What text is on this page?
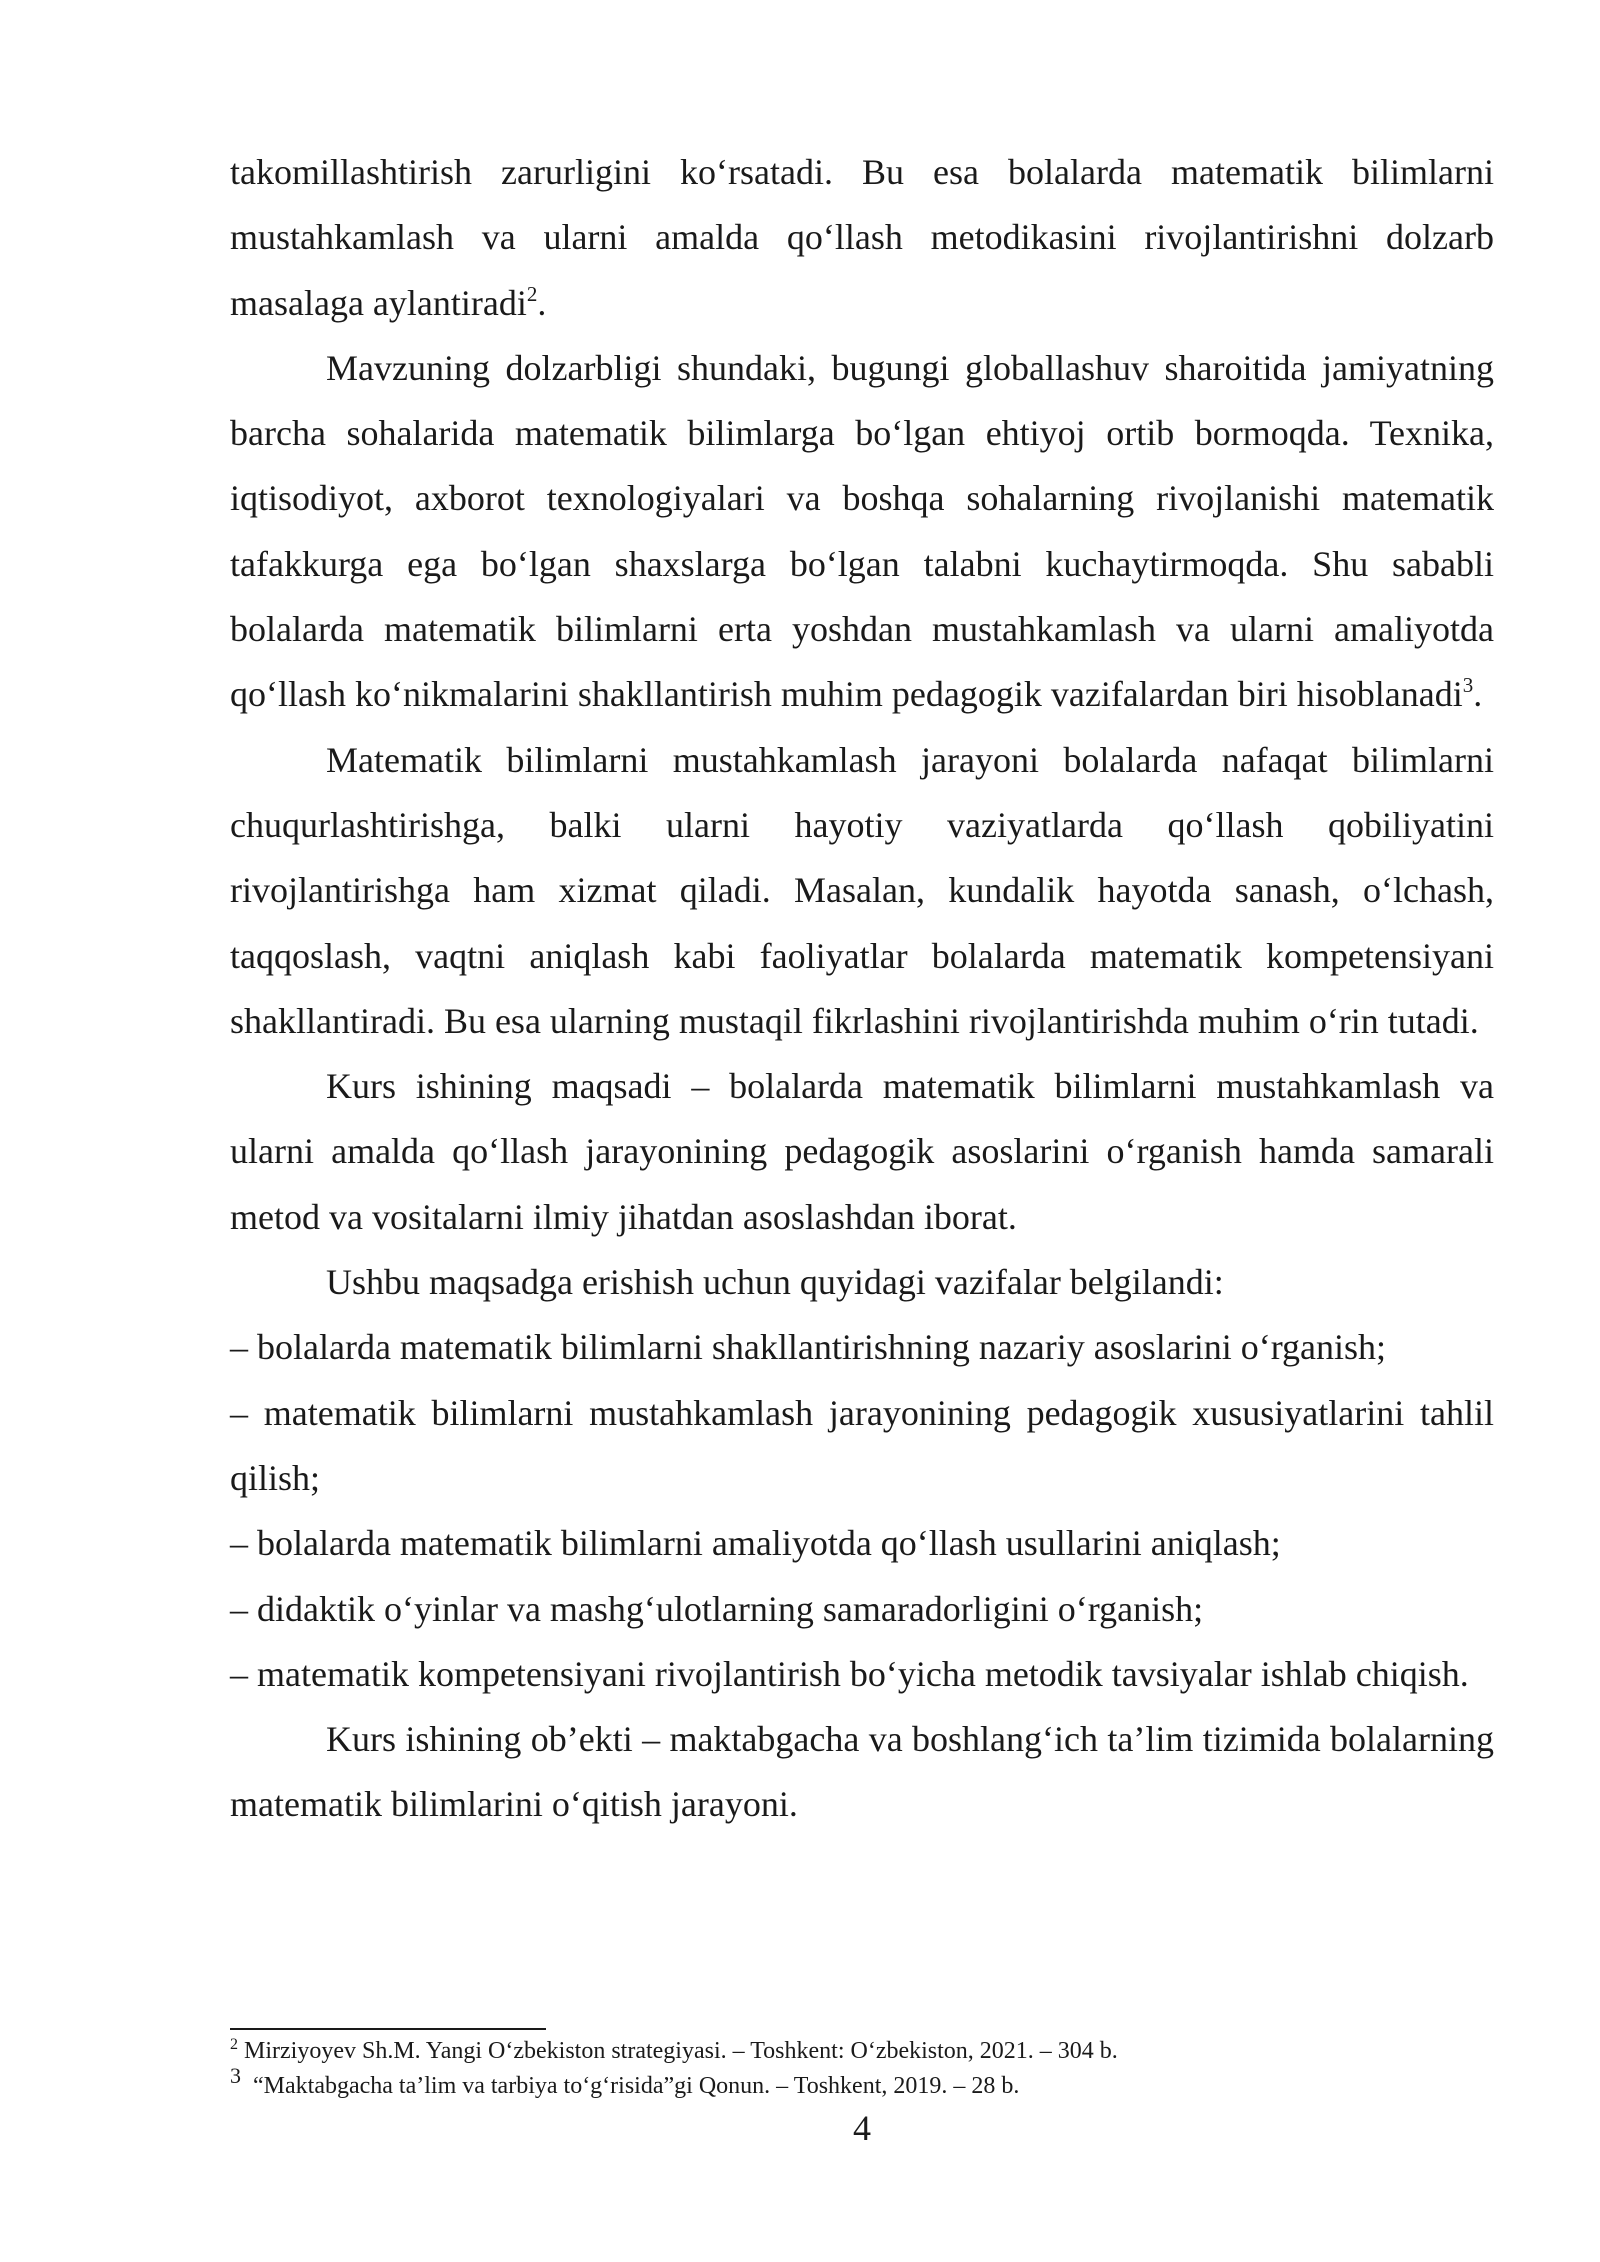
takomillashtirish zarurligini ko‘rsatadi. Bu esa bolalarda matematik bilimlarni mustahkamlash va ularni amalda qo‘llash metodikasini rivojlantirishni dolzarb masalaga aylantiradi$^2$.

Mavzuning dolzarbligi shundaki, bugungi globallashuv sharoitida jamiyatning barcha sohalarida matematik bilimlarga bo‘lgan ehtiyoj ortib bormoqda. Texnika, iqtisodiyot, axborot texnologiyalari va boshqa sohalarning rivojlanishi matematik tafakkurga ega bo‘lgan shaxslarga bo‘lgan talabni kuchaytirmoqda. Shu sababli bolalarda matematik bilimlarni erta yoshdan mustahkamlash va ularni amaliyotda qo‘llash ko‘nikmalarini shakllantirish muhim pedagogik vazifalardan biri hisoblanadi$^3$.

Matematik bilimlarni mustahkamlash jarayoni bolalarda nafaqat bilimlarni chuqurlashtirishga, balki ularni hayotiy vaziyatlarda qo‘llash qobiliyatini rivojlantirishga ham xizmat qiladi. Masalan, kundalik hayotda sanash, o‘lchash, taqqoslash, vaqtni aniqlash kabi faoliyatlar bolalarda matematik kompetensiyani shakllantiradi. Bu esa ularning mustaqil fikrlashini rivojlantirishda muhim o‘rin tutadi.

Kurs ishining maqsadi – bolalarda matematik bilimlarni mustahkamlash va ularni amalda qo‘llash jarayonining pedagogik asoslarini o‘rganish hamda samarali metod va vositalarni ilmiy jihatdan asoslashdan iborat.

Ushbu maqsadga erishish uchun quyidagi vazifalar belgilandi:

– bolalarda matematik bilimlarni shakllantirishning nazariy asoslarini o‘rganish;

– matematik bilimlarni mustahkamlash jarayonining pedagogik xususiyatlarini tahlil qilish;

– bolalarda matematik bilimlarni amaliyotda qo‘llash usullarini aniqlash;

– didaktik o‘yinlar va mashg‘ulotlarning samaradorligini o‘rganish;

– matematik kompetensiyani rivojlantirish bo‘yicha metodik tavsiyalar ishlab chiqish.

Kurs ishining ob’ekti – maktabgacha va boshlang‘ich ta’lim tizimida bolalarning matematik bilimlarini o‘qitish jarayoni.

$^2$ Mirziyoyev Sh.M. Yangi O‘zbekiston strategiyasi. – Toshkent: O‘zbekiston, 2021. – 304 b.

$^3$ “Maktabgacha ta’lim va tarbiya to‘g‘risida”gi Qonun. – Toshkent, 2019. – 28 b.

4
